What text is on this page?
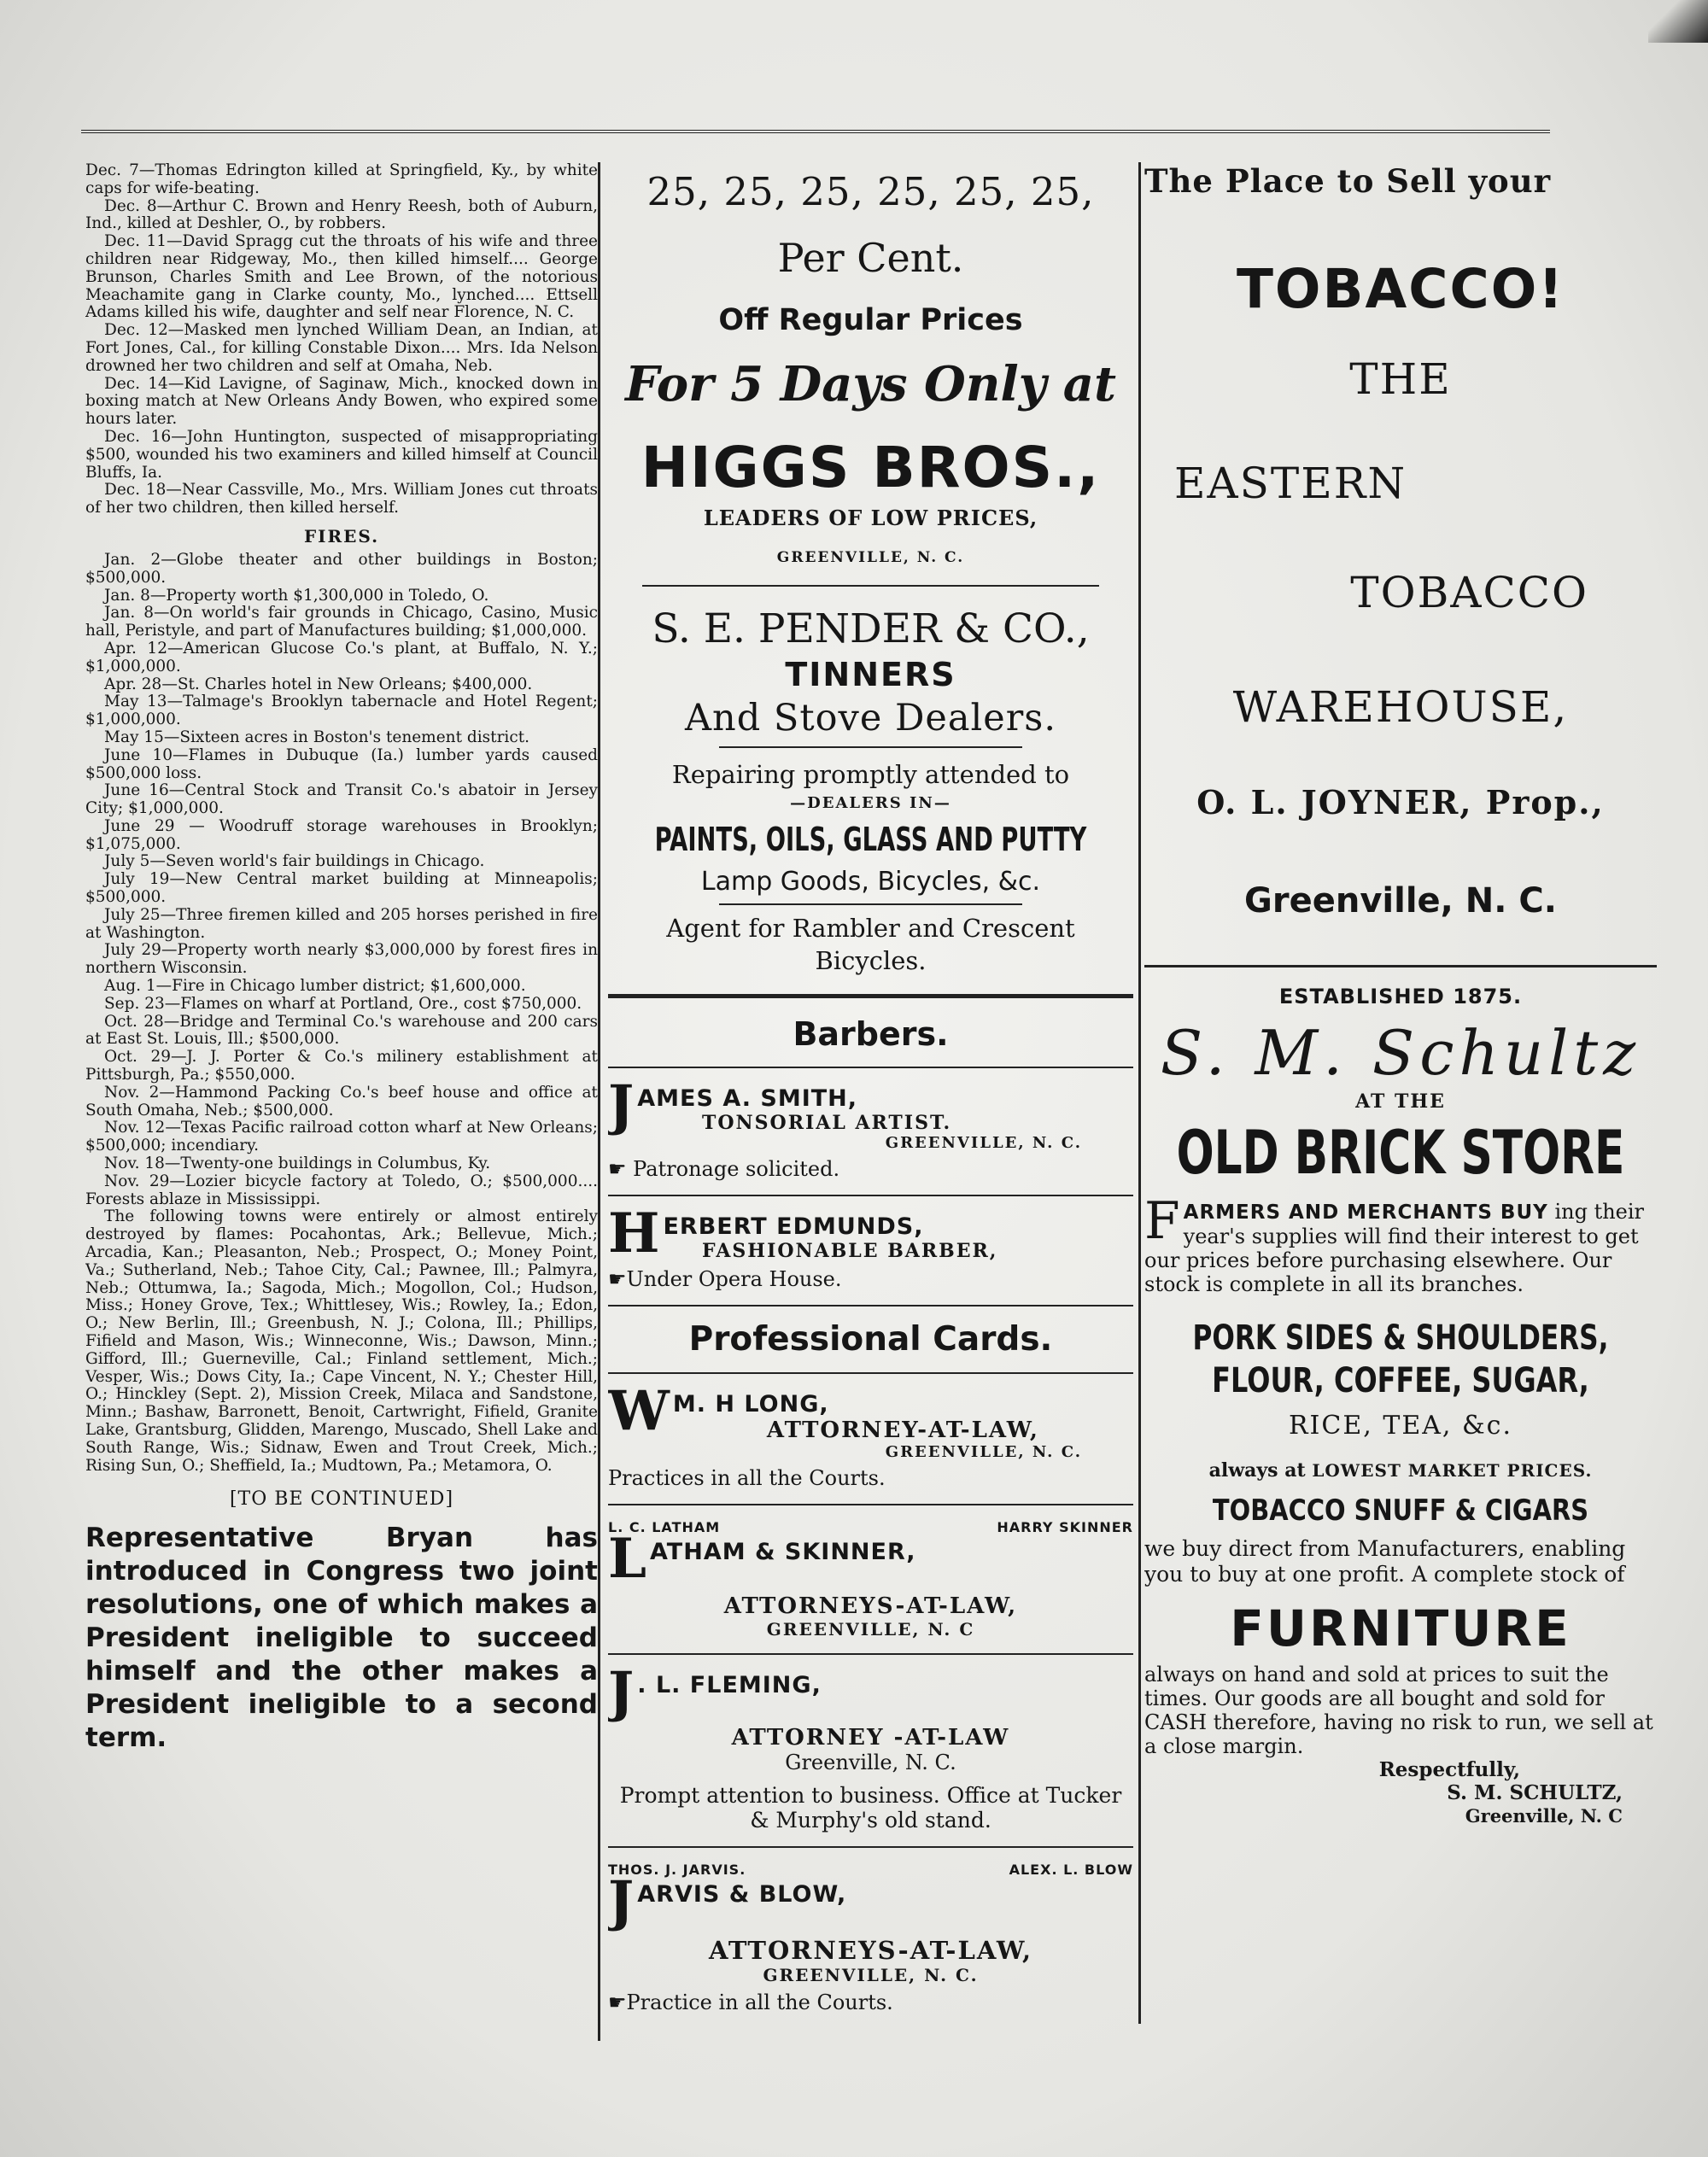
Dec. 7—Thomas Edrington killed at Springfield, Ky., by white caps for wife-beating.

Dec. 8—Arthur C. Brown and Henry Reesh, both of Auburn, Ind., killed at Deshler, O., by robbers.

Dec. 11—David Spragg cut the throats of his wife and three children near Ridgeway, Mo., then killed himself.... George Brunson, Charles Smith and Lee Brown, of the notorious Meachamite gang in Clarke county, Mo., lynched.... Ettsell Adams killed his wife, daughter and self near Florence, N. C.

Dec. 12—Masked men lynched William Dean, an Indian, at Fort Jones, Cal., for killing Constable Dixon.... Mrs. Ida Nelson drowned her two children and self at Omaha, Neb.

Dec. 14—Kid Lavigne, of Saginaw, Mich., knocked down in boxing match at New Orleans Andy Bowen, who expired some hours later.

Dec. 16—John Huntington, suspected of misappropriating $500, wounded his two examiners and killed himself at Council Bluffs, Ia.

Dec. 18—Near Cassville, Mo., Mrs. William Jones cut throats of her two children, then killed herself.

FIRES.

Jan. 2—Globe theater and other buildings in Boston; $500,000.

Jan. 8—Property worth $1,300,000 in Toledo, O.

Jan. 8—On world's fair grounds in Chicago, Casino, Music hall, Peristyle, and part of Manufactures building; $1,000,000.

Apr. 12—American Glucose Co.'s plant, at Buffalo, N. Y.; $1,000,000.

Apr. 28—St. Charles hotel in New Orleans; $400,000.

May 13—Talmage's Brooklyn tabernacle and Hotel Regent; $1,000,000.

May 15—Sixteen acres in Boston's tenement district.

June 10—Flames in Dubuque (Ia.) lumber yards caused $500,000 loss.

June 16—Central Stock and Transit Co.'s abatoir in Jersey City; $1,000,000.

June 29 — Woodruff storage warehouses in Brooklyn; $1,075,000.

July 5—Seven world's fair buildings in Chicago.

July 19—New Central market building at Minneapolis; $500,000.

July 25—Three firemen killed and 205 horses perished in fire at Washington.

July 29—Property worth nearly $3,000,000 by forest fires in northern Wisconsin.

Aug. 1—Fire in Chicago lumber district; $1,600,000.

Sep. 23—Flames on wharf at Portland, Ore., cost $750,000.

Oct. 28—Bridge and Terminal Co.'s warehouse and 200 cars at East St. Louis, Ill.; $500,000.

Oct. 29—J. J. Porter & Co.'s milinery establishment at Pittsburgh, Pa.; $550,000.

Nov. 2—Hammond Packing Co.'s beef house and office at South Omaha, Neb.; $500,000.

Nov. 12—Texas Pacific railroad cotton wharf at New Orleans; $500,000; incendiary.

Nov. 18—Twenty-one buildings in Columbus, Ky.

Nov. 29—Lozier bicycle factory at Toledo, O.; $500,000.... Forests ablaze in Mississippi.

The following towns were entirely or almost entirely destroyed by flames: Pocahontas, Ark.; Bellevue, Mich.; Arcadia, Kan.; Pleasanton, Neb.; Prospect, O.; Money Point, Va.; Sutherland, Neb.; Tahoe City, Cal.; Pawnee, Ill.; Palmyra, Neb.; Ottumwa, Ia.; Sagoda, Mich.; Mogollon, Col.; Hudson, Miss.; Honey Grove, Tex.; Whittlesey, Wis.; Rowley, Ia.; Edon, O.; New Berlin, Ill.; Greenbush, N. J.; Colona, Ill.; Phillips, Fifield and Mason, Wis.; Winneconne, Wis.; Dawson, Minn.; Gifford, Ill.; Guerneville, Cal.; Finland settlement, Mich.; Vesper, Wis.; Dows City, Ia.; Cape Vincent, N. Y.; Chester Hill, O.; Hinckley (Sept. 2), Mission Creek, Milaca and Sandstone, Minn.; Bashaw, Barronett, Benoit, Cartwright, Fifield, Granite Lake, Grantsburg, Glidden, Marengo, Muscado, Shell Lake and South Range, Wis.; Sidnaw, Ewen and Trout Creek, Mich.; Rising Sun, O.; Sheffield, Ia.; Mudtown, Pa.; Metamora, O.

[TO BE CONTINUED]
Representative Bryan has introduced in Congress two joint resolutions, one of which makes a President ineligible to succeed himself and the other makes a President ineligible to a second term.
25, 25, 25, 25, 25, 25,
Per Cent.
Off Regular Prices
For 5 Days Only at
HIGGS BROS.,
LEADERS OF LOW PRICES,
GREENVILLE, N. C.
S. E. PENDER & CO.,
TINNERS
And Stove Dealers.
Repairing promptly attended to
—DEALERS IN—
PAINTS, OILS, GLASS AND PUTTY
Lamp Goods, Bicycles, &c.
Agent for Rambler and Crescent Bicycles.
Barbers.
J AMES A. SMITH,
TONSORIAL ARTIST.
GREENVILLE, N. C.
☛ Patronage solicited.
H ERBERT EDMUNDS,
FASHIONABLE BARBER,
☛Under Opera House.
Professional Cards.
W M. H LONG,
ATTORNEY-AT-LAW,
GREENVILLE, N. C.
Practices in all the Courts.
L. C. LATHAM	HARRY SKINNER
L ATHAM & SKINNER,
ATTORNEYS-AT-LAW,
GREENVILLE, N. C
J . L. FLEMING,
ATTORNEY -AT-LAW
Greenville, N. C.
Prompt attention to business. Office at Tucker & Murphy's old stand.
THOS. J. JARVIS.	ALEX. L. BLOW
J ARVIS & BLOW,
ATTORNEYS-AT-LAW,
GREENVILLE, N. C.
☛Practice in all the Courts.
The Place to Sell your
TOBACCO!
THE
EASTERN
TOBACCO
WAREHOUSE,
O. L. JOYNER, Prop.,
Greenville, N. C.
ESTABLISHED 1875.
S. M. Schultz
AT THE
OLD BRICK STORE
F ARMERS AND MERCHANTS BUY ing their year's supplies will find their interest to get our prices before purchasing elsewhere. Our stock is complete in all its branches.
PORK SIDES & SHOULDERS,
FLOUR, COFFEE, SUGAR,
RICE, TEA, &c.
always at LOWEST MARKET PRICES.
TOBACCO SNUFF & CIGARS
we buy direct from Manufacturers, enabling you to buy at one profit. A complete stock of
FURNITURE
always on hand and sold at prices to suit the times. Our goods are all bought and sold for CASH therefore, having no risk to run, we sell at a close margin.
Respectfully,
S. M. SCHULTZ,
Greenville, N. C
